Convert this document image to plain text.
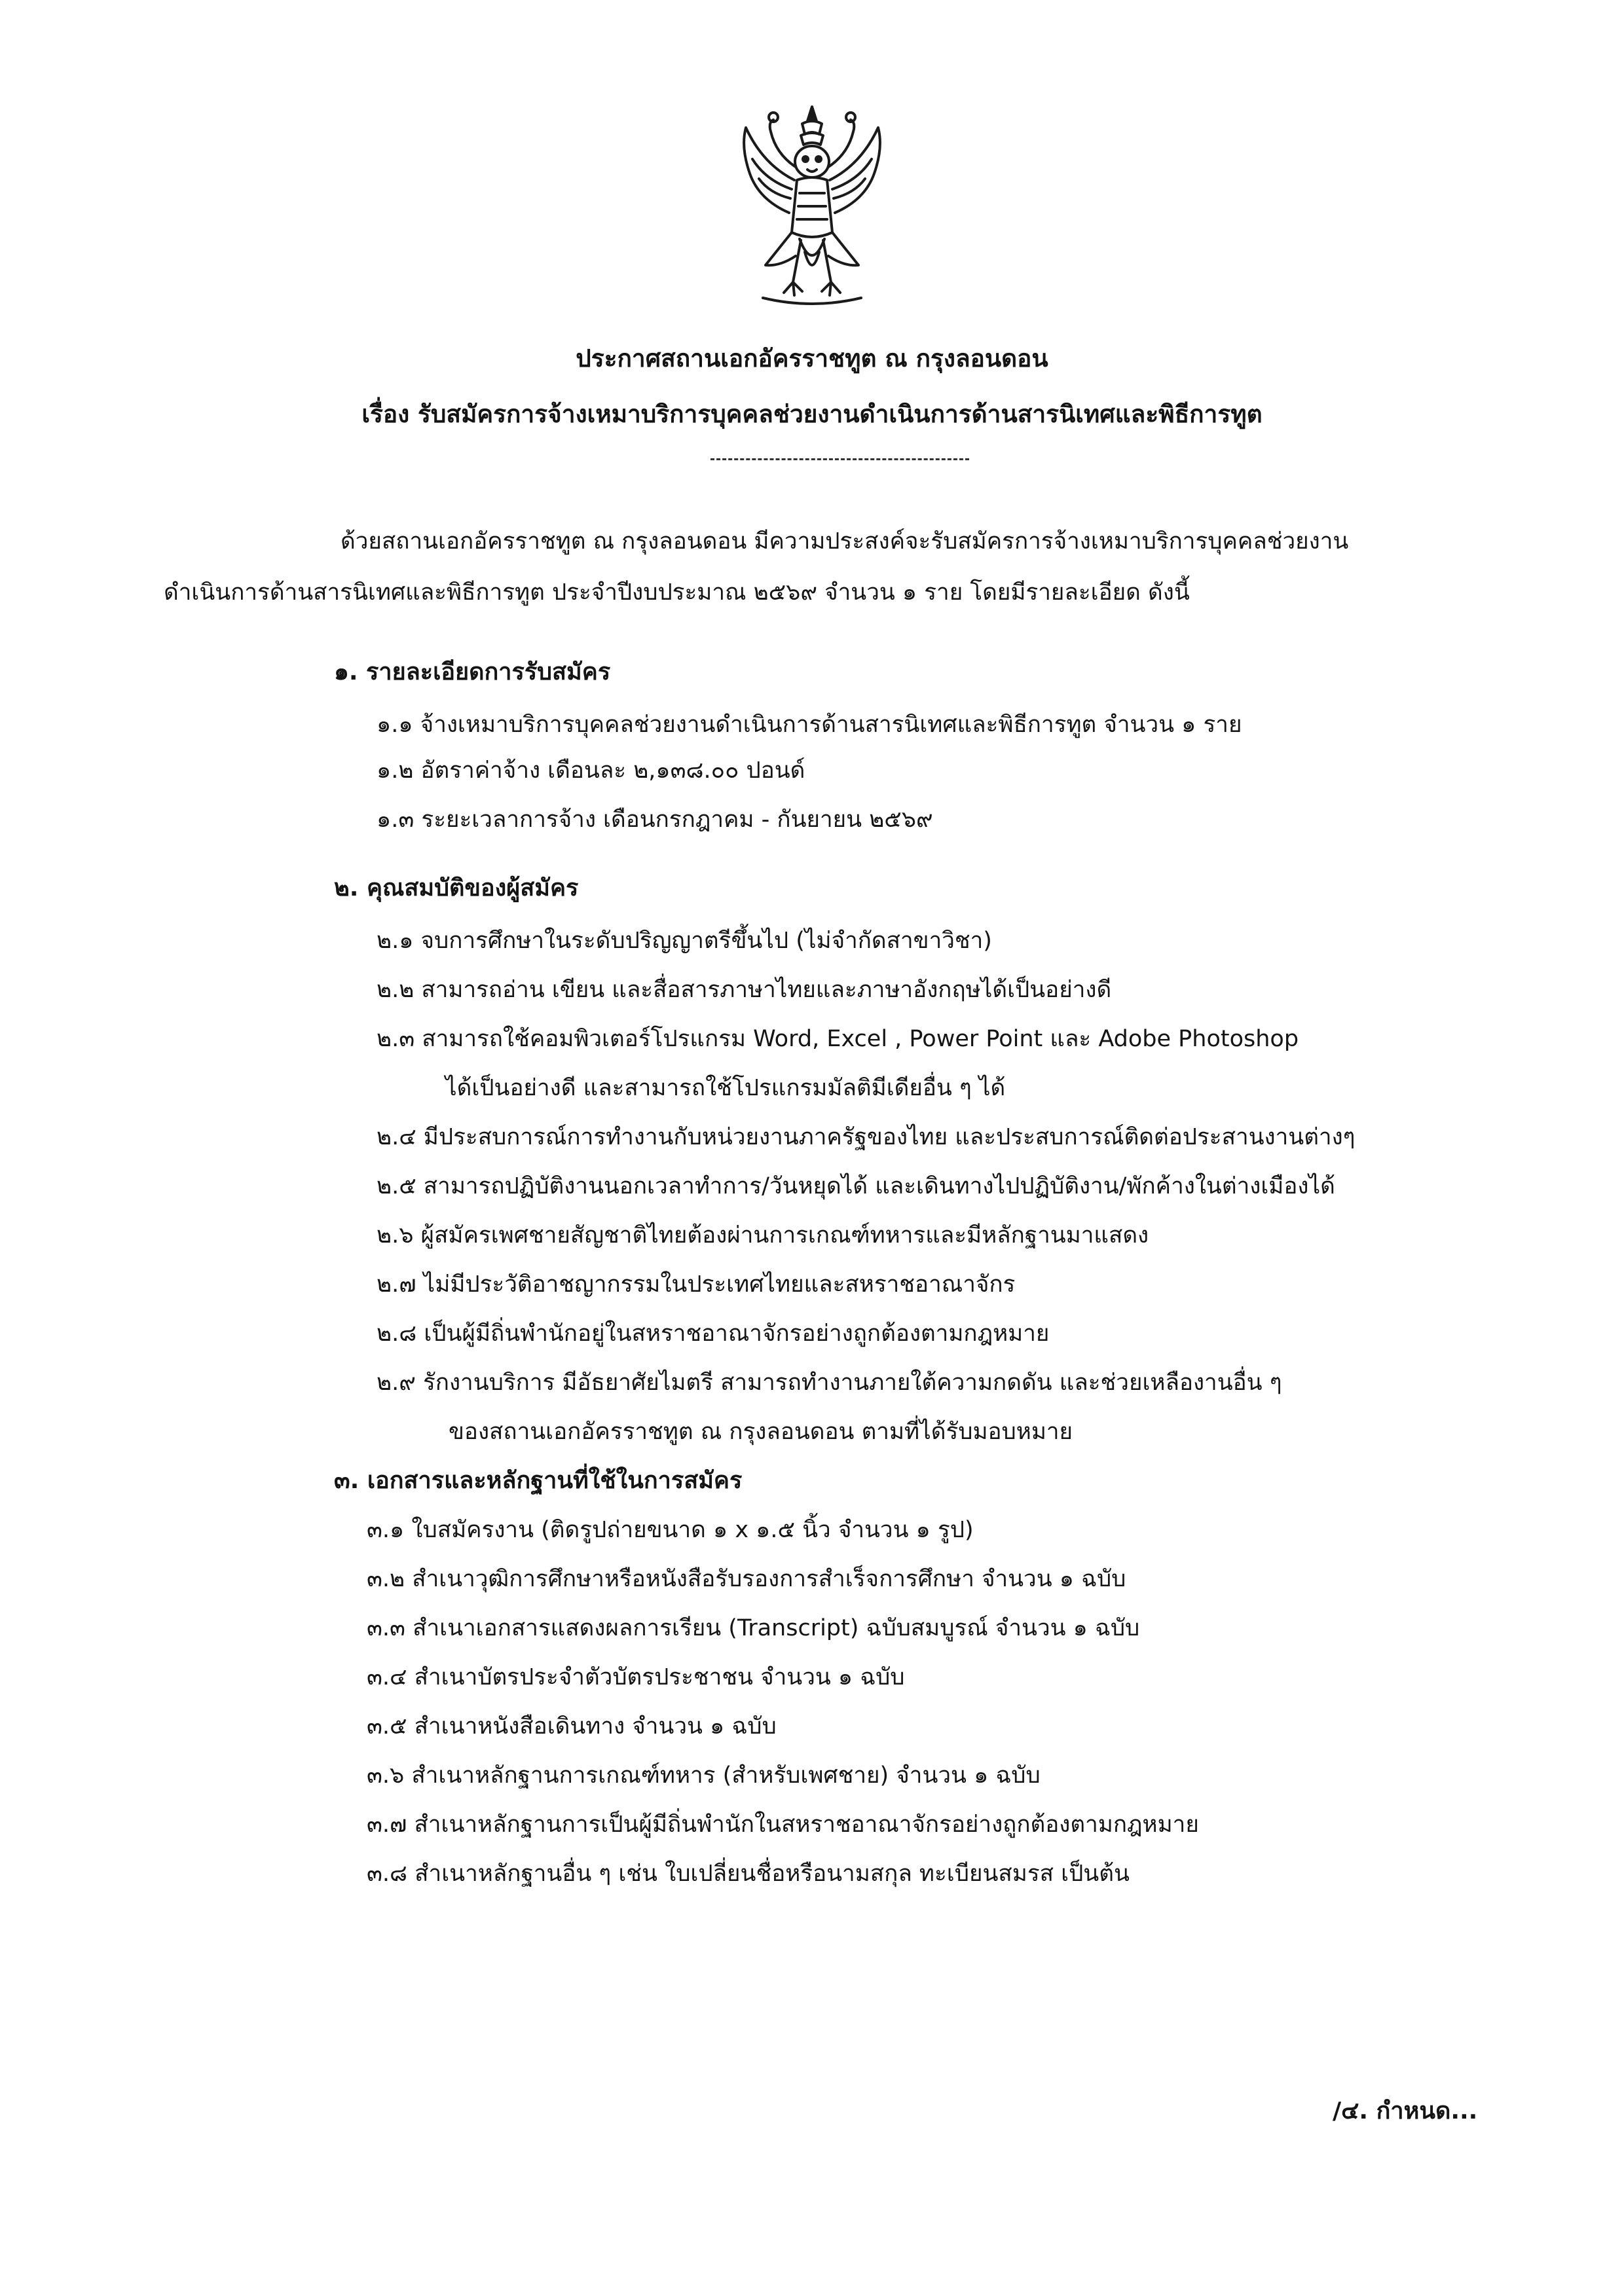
ประกาศสถานเอกอัครราชทูต ณ กรุงลอนดอน
เรื่อง รับสมัครการจ้างเหมาบริการบุคคลช่วยงานดำเนินการด้านสารนิเทศและพิธีการทูต
ด้วยสถานเอกอัครราชทูต ณ กรุงลอนดอน มีความประสงค์จะรับสมัครการจ้างเหมาบริการบุคคลช่วยงาน
ดำเนินการด้านสารนิเทศและพิธีการทูต ประจำปีงบประมาณ ๒๕๖๙ จำนวน ๑ ราย โดยมีรายละเอียด ดังนี้
๑. รายละเอียดการรับสมัคร
๑.๑ จ้างเหมาบริการบุคคลช่วยงานดำเนินการด้านสารนิเทศและพิธีการทูต จำนวน ๑ ราย
๑.๒ อัตราค่าจ้าง เดือนละ ๒,๑๓๘.๐๐ ปอนด์
๑.๓ ระยะเวลาการจ้าง เดือนกรกฎาคม - กันยายน ๒๕๖๙
๒. คุณสมบัติของผู้สมัคร
๒.๑ จบการศึกษาในระดับปริญญาตรีขึ้นไป (ไม่จำกัดสาขาวิชา)
๒.๒ สามารถอ่าน เขียน และสื่อสารภาษาไทยและภาษาอังกฤษได้เป็นอย่างดี
๒.๓ สามารถใช้คอมพิวเตอร์โปรแกรม Word, Excel , Power Point และ Adobe Photoshop
ได้เป็นอย่างดี และสามารถใช้โปรแกรมมัลติมีเดียอื่น ๆ ได้
๒.๔ มีประสบการณ์การทำงานกับหน่วยงานภาครัฐของไทย และประสบการณ์ติดต่อประสานงานต่างๆ
๒.๕ สามารถปฏิบัติงานนอกเวลาทำการ/วันหยุดได้ และเดินทางไปปฏิบัติงาน/พักค้างในต่างเมืองได้
๒.๖ ผู้สมัครเพศชายสัญชาติไทยต้องผ่านการเกณฑ์ทหารและมีหลักฐานมาแสดง
๒.๗ ไม่มีประวัติอาชญากรรมในประเทศไทยและสหราชอาณาจักร
๒.๘ เป็นผู้มีถิ่นพำนักอยู่ในสหราชอาณาจักรอย่างถูกต้องตามกฎหมาย
๒.๙ รักงานบริการ มีอัธยาศัยไมตรี สามารถทำงานภายใต้ความกดดัน และช่วยเหลืองานอื่น ๆ
ของสถานเอกอัครราชทูต ณ กรุงลอนดอน ตามที่ได้รับมอบหมาย
๓. เอกสารและหลักฐานที่ใช้ในการสมัคร
๓.๑ ใบสมัครงาน (ติดรูปถ่ายขนาด ๑ x ๑.๕ นิ้ว จำนวน ๑ รูป)
๓.๒ สำเนาวุฒิการศึกษาหรือหนังสือรับรองการสำเร็จการศึกษา จำนวน ๑ ฉบับ
๓.๓ สำเนาเอกสารแสดงผลการเรียน (Transcript) ฉบับสมบูรณ์ จำนวน ๑ ฉบับ
๓.๔ สำเนาบัตรประจำตัวบัตรประชาชน จำนวน ๑ ฉบับ
๓.๕ สำเนาหนังสือเดินทาง จำนวน ๑ ฉบับ
๓.๖ สำเนาหลักฐานการเกณฑ์ทหาร (สำหรับเพศชาย) จำนวน ๑ ฉบับ
๓.๗ สำเนาหลักฐานการเป็นผู้มีถิ่นพำนักในสหราชอาณาจักรอย่างถูกต้องตามกฎหมาย
๓.๘ สำเนาหลักฐานอื่น ๆ เช่น ใบเปลี่ยนชื่อหรือนามสกุล ทะเบียนสมรส เป็นต้น
/๔. กำหนด...
